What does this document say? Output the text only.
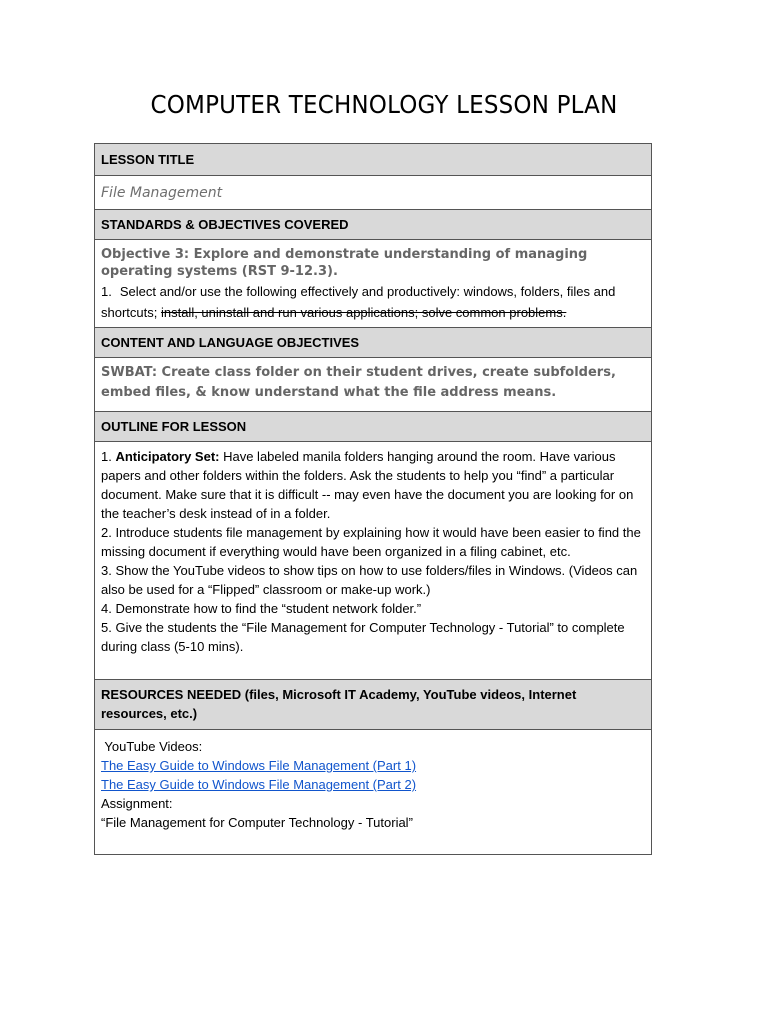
COMPUTER TECHNOLOGY LESSON PLAN
LESSON TITLE
File Management
STANDARDS & OBJECTIVES COVERED
Objective 3: Explore and demonstrate understanding of managing operating systems (RST 9-12.3).
1. Select and/or use the following effectively and productively: windows, folders, files and shortcuts; install, uninstall and run various applications; solve common problems.
CONTENT AND LANGUAGE OBJECTIVES
SWBAT: Create class folder on their student drives, create subfolders, embed files, & know understand what the file address means.
OUTLINE FOR LESSON
1. Anticipatory Set: Have labeled manila folders hanging around the room. Have various papers and other folders within the folders. Ask the students to help you “find” a particular document. Make sure that it is difficult -- may even have the document you are looking for on the teacher’s desk instead of in a folder.
2. Introduce students file management by explaining how it would have been easier to find the missing document if everything would have been organized in a filing cabinet, etc.
3. Show the YouTube videos to show tips on how to use folders/files in Windows. (Videos can also be used for a “Flipped” classroom or make-up work.)
4. Demonstrate how to find the “student network folder.”
5. Give the students the “File Management for Computer Technology - Tutorial” to complete during class (5-10 mins).
RESOURCES NEEDED (files, Microsoft IT Academy, YouTube videos, Internet resources, etc.)
YouTube Videos:
The Easy Guide to Windows File Management (Part 1)
The Easy Guide to Windows File Management (Part 2)
Assignment:
“File Management for Computer Technology - Tutorial”
